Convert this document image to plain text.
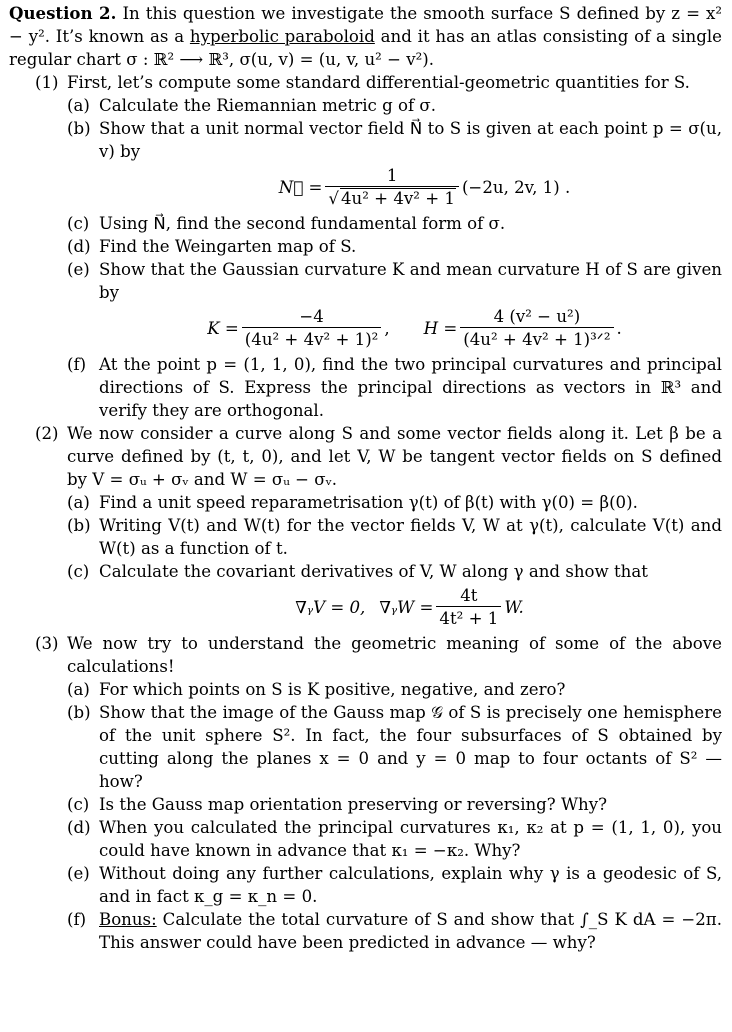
Question 2. In this question we investigate the smooth surface S defined by z = x² − y². It’s known as a hyperbolic paraboloid and it has an atlas consisting of a single regular chart σ : ℝ² ⟶ ℝ³, σ(u, v) = (u, v, u² − v²).

(1) First, let’s compute some standard differential-geometric quantities for S.

(a) Calculate the Riemannian metric g of σ.
(b) Show that a unit normal vector field N⃗ to S is given at each point p = σ(u, v) by
N⃗ = $\frac{1}{\text{√ 4u² + 4v² + 1}} (-2u$, 2v, 1) .
(c) Using N⃗, find the second fundamental form of σ.
(d) Find the Weingarten map of S.
(e) Show that the Gaussian curvature K and mean curvature H of S are given by
$K = \frac{-4}{\text{(4u² + 4v² + 1)²}}$ , $H = \frac{\text{4 (v² − u²)}}{\text{(4u² + 4v² + 1)³ᐟ²}}$ .
(f) At the point p = (1, 1, 0), find the two principal curvatures and principal directions of S. Express the principal directions as vectors in ℝ³ and verify they are orthogonal.
(2) We now consider a curve along S and some vector fields along it. Let β be a curve defined by (t, t, 0), and let V, W be tangent vector fields on S defined by V = σᵤ + σᵥ and W = σᵤ − σᵥ.

(a) Find a unit speed reparametrisation γ(t) of β(t) with γ(0) = β(0).
(b) Writing V(t) and W(t) for the vector fields V, W at γ(t), calculate V(t) and W(t) as a function of t.
(c) Calculate the covariant derivatives of V, W along γ and show that
∇ᵧV = 0, ∇ᵧW = $\frac{4t}{\text{4t² + 1}} W$.
(3) We now try to understand the geometric meaning of some of the above calculations!

(a) For which points on S is K positive, negative, and zero?
(b) Show that the image of the Gauss map 𝒢 of S is precisely one hemisphere of the unit sphere S². In fact, the four subsurfaces of S obtained by cutting along the planes x = 0 and y = 0 map to four octants of S² — how?
(c) Is the Gauss map orientation preserving or reversing? Why?
(d) When you calculated the principal curvatures κ₁, κ₂ at p = (1, 1, 0), you could have known in advance that κ₁ = −κ₂. Why?
(e) Without doing any further calculations, explain why γ is a geodesic of S, and in fact κ_g = κ_n = 0.
(f) Bonus: Calculate the total curvature of S and show that ∫_S K dA = −2π. This answer could have been predicted in advance — why?
